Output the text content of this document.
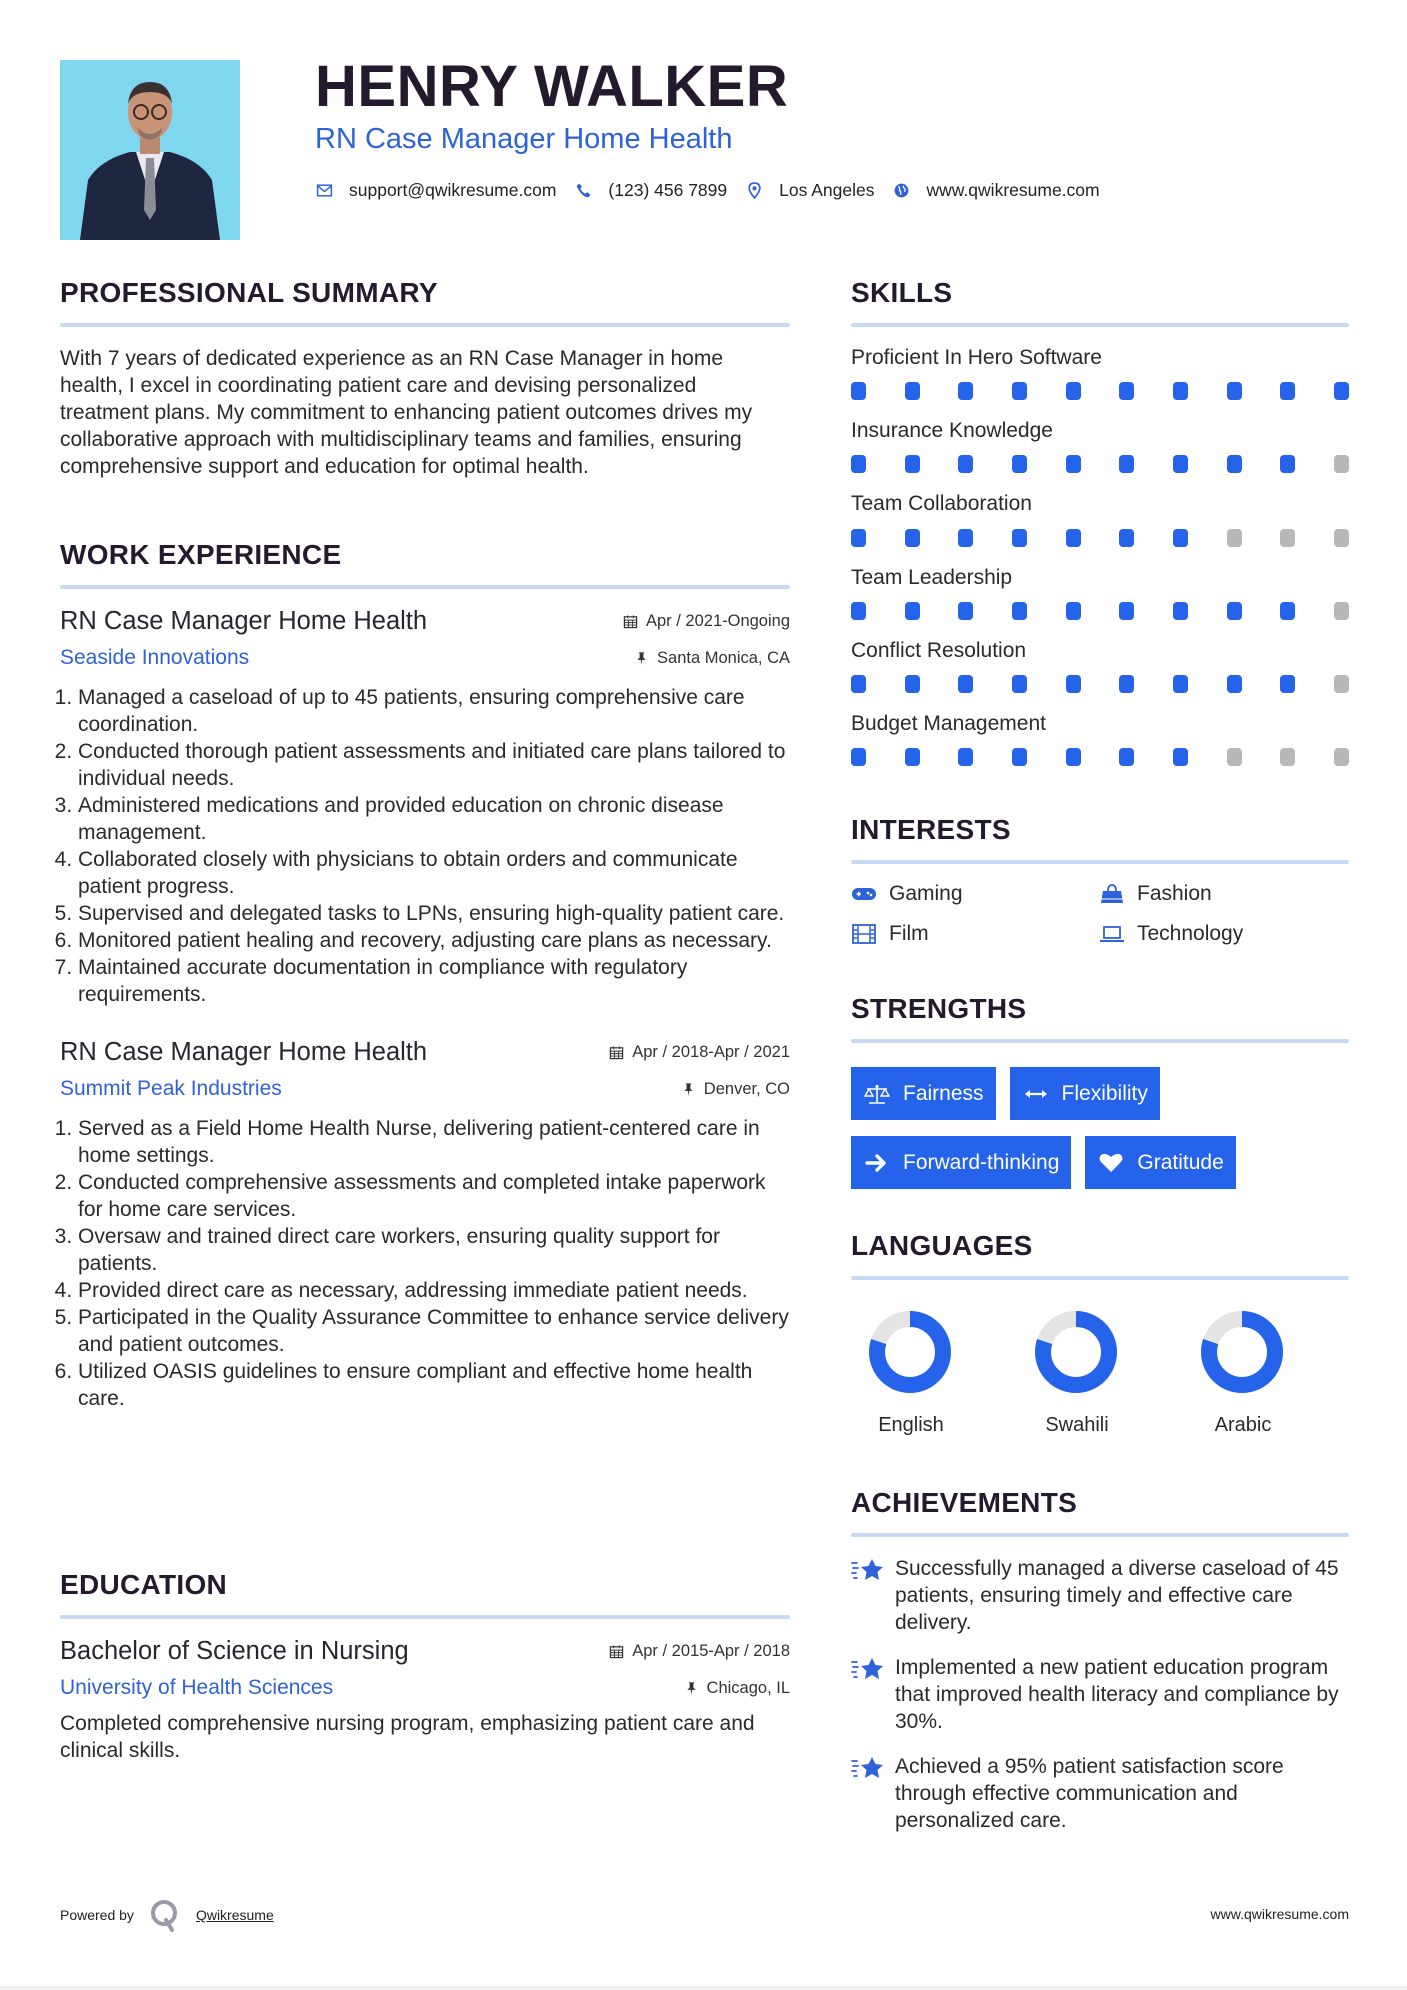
HENRY WALKER
RN Case Manager Home Health
support@qwikresume.com	(123) 456 7899	Los Angeles	www.qwikresume.com
PROFESSIONAL SUMMARY
With 7 years of dedicated experience as an RN Case Manager in home health, I excel in coordinating patient care and devising personalized treatment plans. My commitment to enhancing patient outcomes drives my collaborative approach with multidisciplinary teams and families, ensuring comprehensive support and education for optimal health.
WORK EXPERIENCE
RN Case Manager Home Health	Apr / 2021-Ongoing
Seaside Innovations	Santa Monica, CA
1. Managed a caseload of up to 45 patients, ensuring comprehensive care coordination.
2. Conducted thorough patient assessments and initiated care plans tailored to individual needs.
3. Administered medications and provided education on chronic disease management.
4. Collaborated closely with physicians to obtain orders and communicate patient progress.
5. Supervised and delegated tasks to LPNs, ensuring high-quality patient care.
6. Monitored patient healing and recovery, adjusting care plans as necessary.
7. Maintained accurate documentation in compliance with regulatory requirements.
RN Case Manager Home Health	Apr / 2018-Apr / 2021
Summit Peak Industries	Denver, CO
1. Served as a Field Home Health Nurse, delivering patient-centered care in home settings.
2. Conducted comprehensive assessments and completed intake paperwork for home care services.
3. Oversaw and trained direct care workers, ensuring quality support for patients.
4. Provided direct care as necessary, addressing immediate patient needs.
5. Participated in the Quality Assurance Committee to enhance service delivery and patient outcomes.
6. Utilized OASIS guidelines to ensure compliant and effective home health care.
EDUCATION
Bachelor of Science in Nursing	Apr / 2015-Apr / 2018
University of Health Sciences	Chicago, IL
Completed comprehensive nursing program, emphasizing patient care and clinical skills.
SKILLS
Proficient In Hero Software
Insurance Knowledge
Team Collaboration
Team Leadership
Conflict Resolution
Budget Management
INTERESTS
Gaming	Fashion
Film	Technology
STRENGTHS
Fairness	Flexibility
Forward-thinking	Gratitude
LANGUAGES
English	Swahili	Arabic
ACHIEVEMENTS
Successfully managed a diverse caseload of 45 patients, ensuring timely and effective care delivery.
Implemented a new patient education program that improved health literacy and compliance by 30%.
Achieved a 95% patient satisfaction score through effective communication and personalized care.
Powered by	Qwikresume	www.qwikresume.com
